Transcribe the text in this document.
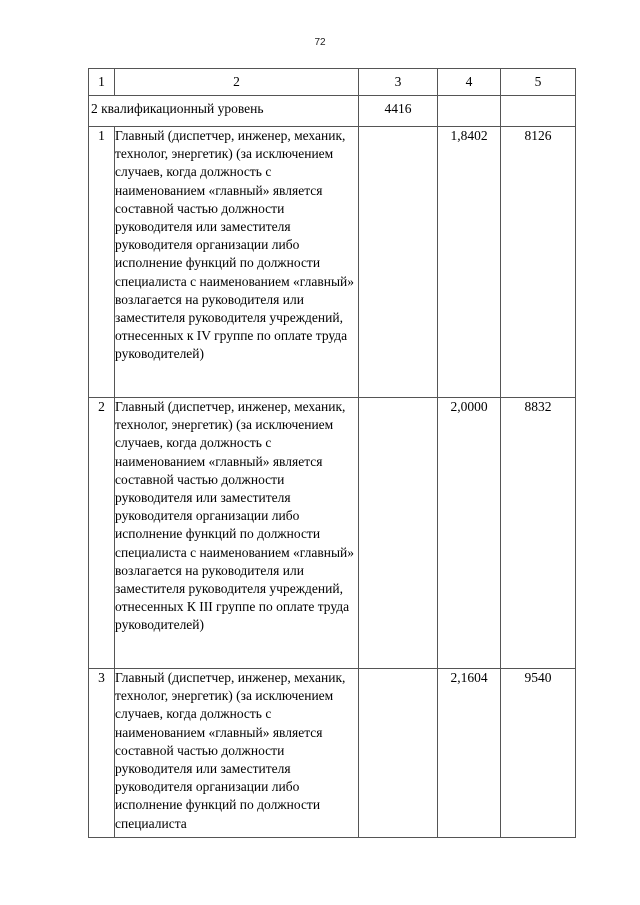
72
1	2	3	4	5
2 квалификационный уровень		4416		
1	Главный (диспетчер, инженер, механик, технолог, энергетик) (за исключением случаев, когда должность с наименованием «главный» является составной частью должности руководителя или заместителя руководителя организации либо исполнение функций по должности специалиста с наименованием «главный» возлагается на руководителя или заместителя руководителя учреждений, отнесенных к IV группе по оплате труда руководителей)		1,8402	8126
2	Главный (диспетчер, инженер, механик, технолог, энергетик) (за исключением случаев, когда должность с наименованием «главный» является составной частью должности руководителя или заместителя руководителя организации либо исполнение функций по должности специалиста с наименованием «главный» возлагается на руководителя или заместителя руководителя учреждений, отнесенных К III группе по оплате труда руководителей)		2,0000	8832
3	Главный (диспетчер, инженер, механик, технолог, энергетик) (за исключением случаев, когда должность с наименованием «главный» является составной частью должности руководителя или заместителя руководителя организации либо исполнение функций по должности специалиста		2,1604	9540
